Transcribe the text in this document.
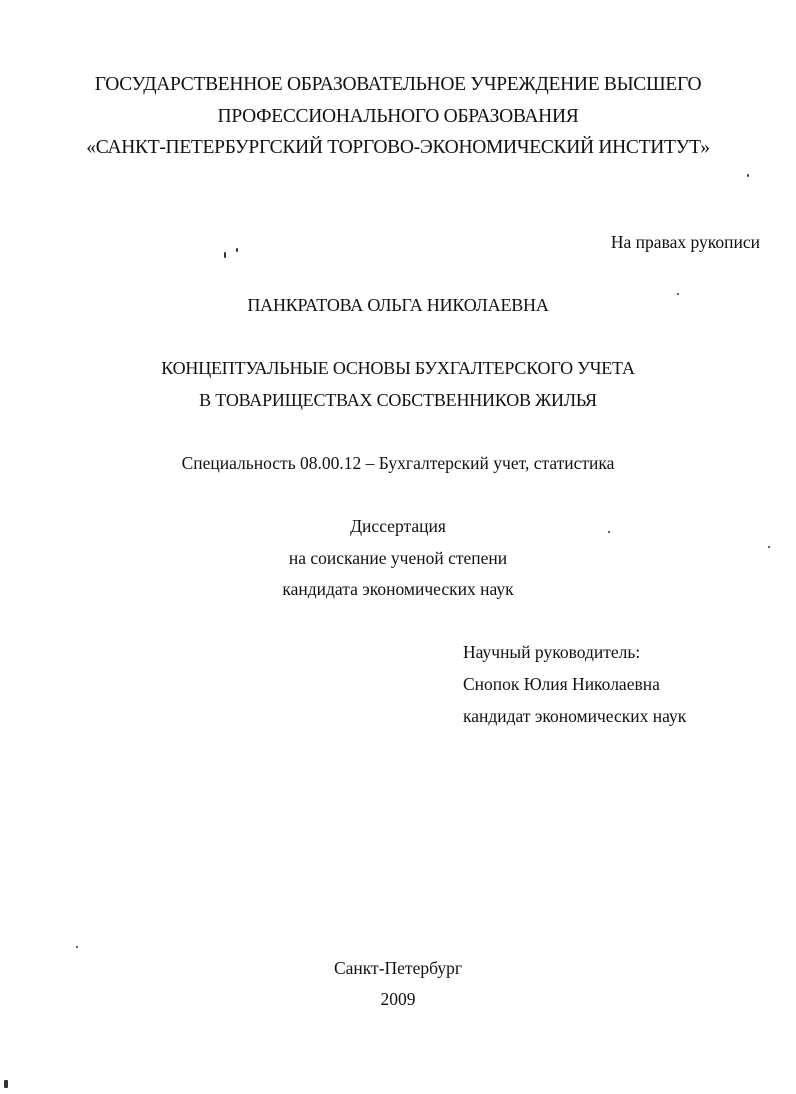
ГОСУДАРСТВЕННОЕ ОБРАЗОВАТЕЛЬНОЕ УЧРЕЖДЕНИЕ ВЫСШЕГО
ПРОФЕССИОНАЛЬНОГО ОБРАЗОВАНИЯ
«САНКТ-ПЕТЕРБУРГСКИЙ ТОРГОВО-ЭКОНОМИЧЕСКИЙ ИНСТИТУТ»
На правах рукописи
ПАНКРАТОВА ОЛЬГА НИКОЛАЕВНА
КОНЦЕПТУАЛЬНЫЕ ОСНОВЫ БУХГАЛТЕРСКОГО УЧЕТА
В ТОВАРИЩЕСТВАХ СОБСТВЕННИКОВ ЖИЛЬЯ
Специальность 08.00.12 – Бухгалтерский учет, статистика
Диссертация
на соискание ученой степени
кандидата экономических наук
Научный руководитель:
Снопок Юлия Николаевна
кандидат экономических наук
Санкт-Петербург
2009
